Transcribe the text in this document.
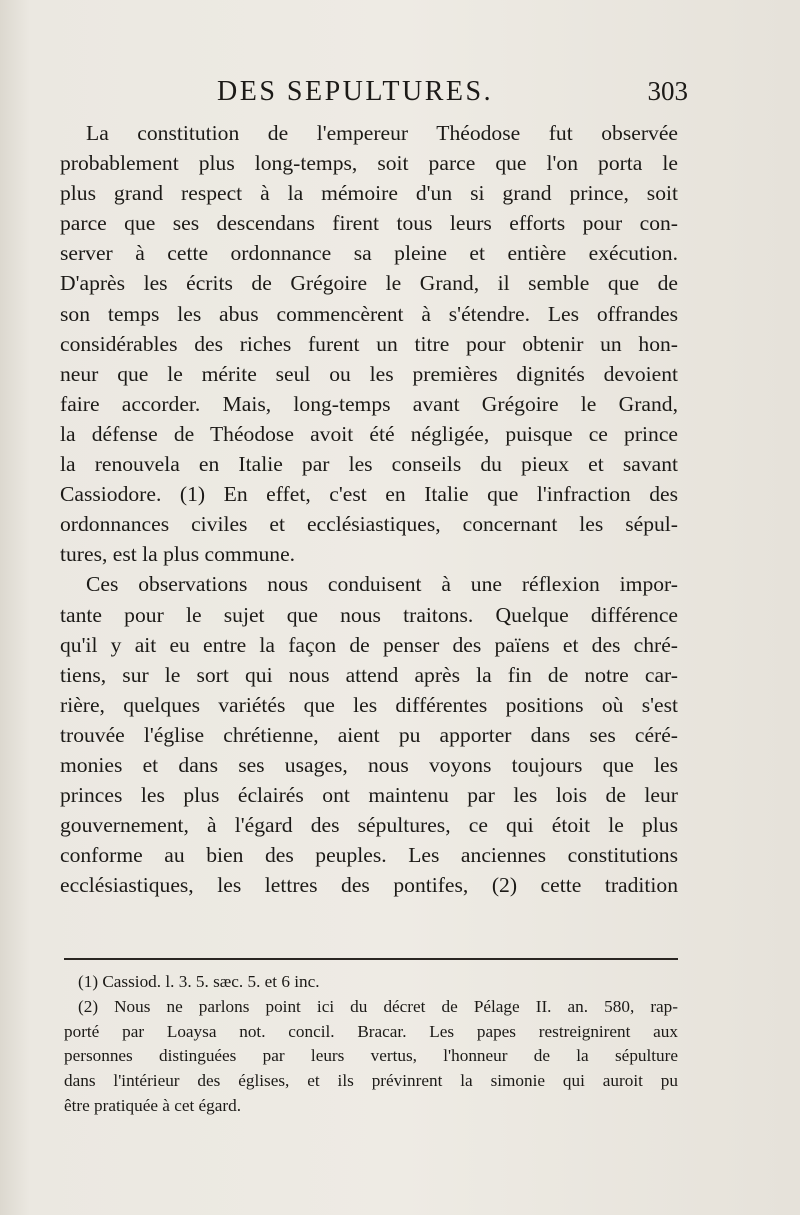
DES SEPULTURES.	303
La constitution de l'empereur Théodose fut observée
probablement plus long-temps, soit parce que l'on porta le
plus grand respect à la mémoire d'un si grand prince, soit
parce que ses descendans firent tous leurs efforts pour con-
server à cette ordonnance sa pleine et entière exécution.
D'après les écrits de Grégoire le Grand, il semble que de
son temps les abus commencèrent à s'étendre. Les offrandes
considérables des riches furent un titre pour obtenir un hon-
neur que le mérite seul ou les premières dignités devoient
faire accorder. Mais, long-temps avant Grégoire le Grand,
la défense de Théodose avoit été négligée, puisque ce prince
la renouvela en Italie par les conseils du pieux et savant
Cassiodore. (1) En effet, c'est en Italie que l'infraction des
ordonnances civiles et ecclésiastiques, concernant les sépul-
tures, est la plus commune.
Ces observations nous conduisent à une réflexion impor-
tante pour le sujet que nous traitons. Quelque différence
qu'il y ait eu entre la façon de penser des païens et des chré-
tiens, sur le sort qui nous attend après la fin de notre car-
rière, quelques variétés que les différentes positions où s'est
trouvée l'église chrétienne, aient pu apporter dans ses céré-
monies et dans ses usages, nous voyons toujours que les
princes les plus éclairés ont maintenu par les lois de leur
gouvernement, à l'égard des sépultures, ce qui étoit le plus
conforme au bien des peuples. Les anciennes constitutions
ecclésiastiques, les lettres des pontifes, (2) cette tradition
(1) Cassiod. l. 3. 5. sæc. 5. et 6 inc.
(2) Nous ne parlons point ici du décret de Pélage II. an. 580, rap-
porté par Loaysa not. concil. Bracar. Les papes restreignirent aux
personnes distinguées par leurs vertus, l'honneur de la sépulture
dans l'intérieur des églises, et ils prévinrent la simonie qui auroit pu
être pratiquée à cet égard.
